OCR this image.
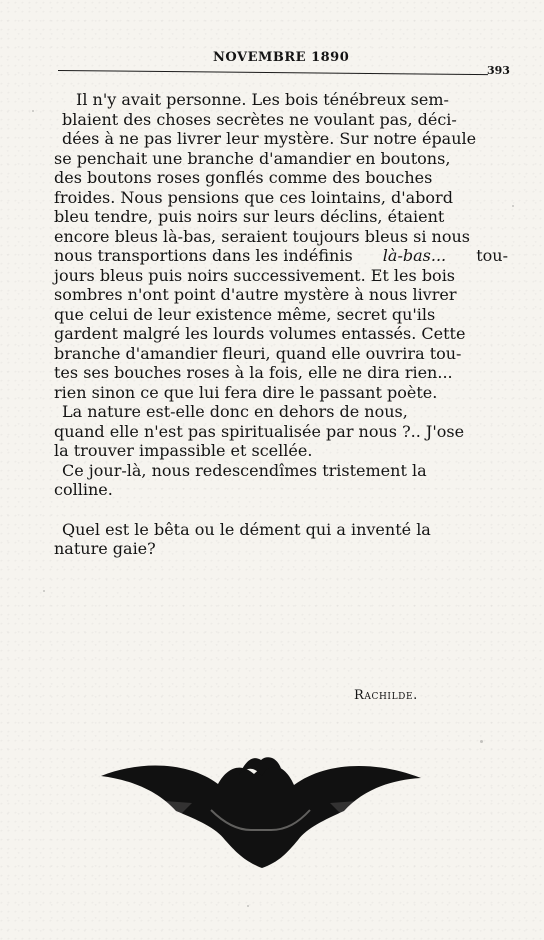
NOVEMBRE 1890
393
Il n'y avait personne. Les bois ténébreux sem-
blaient des choses secrètes ne voulant pas, déci-
dées à ne pas livrer leur mystère. Sur notre épaule
se penchait une branche d'amandier en boutons,
des boutons roses gonflés comme des bouches
froides. Nous pensions que ces lointains, d'abord
bleu tendre, puis noirs sur leurs déclins, étaient
encore bleus là-bas, seraient toujours bleus si nous
nous transportions dans les indéfinis là-bas... tou-
jours bleus puis noirs successivement. Et les bois
sombres n'ont point d'autre mystère à nous livrer
que celui de leur existence même, secret qu'ils
gardent malgré les lourds volumes entassés. Cette
branche d'amandier fleuri, quand elle ouvrira tou-
tes ses bouches roses à la fois, elle ne dira rien...
rien sinon ce que lui fera dire le passant poète.
La nature est-elle donc en dehors de nous,
quand elle n'est pas spiritualisée par nous ?.. J'ose
la trouver impassible et scellée.
Ce jour-là, nous redescendîmes tristement la
colline.
Quel est le bêta ou le dément qui a inventé la
nature gaie?
Rachilde.
